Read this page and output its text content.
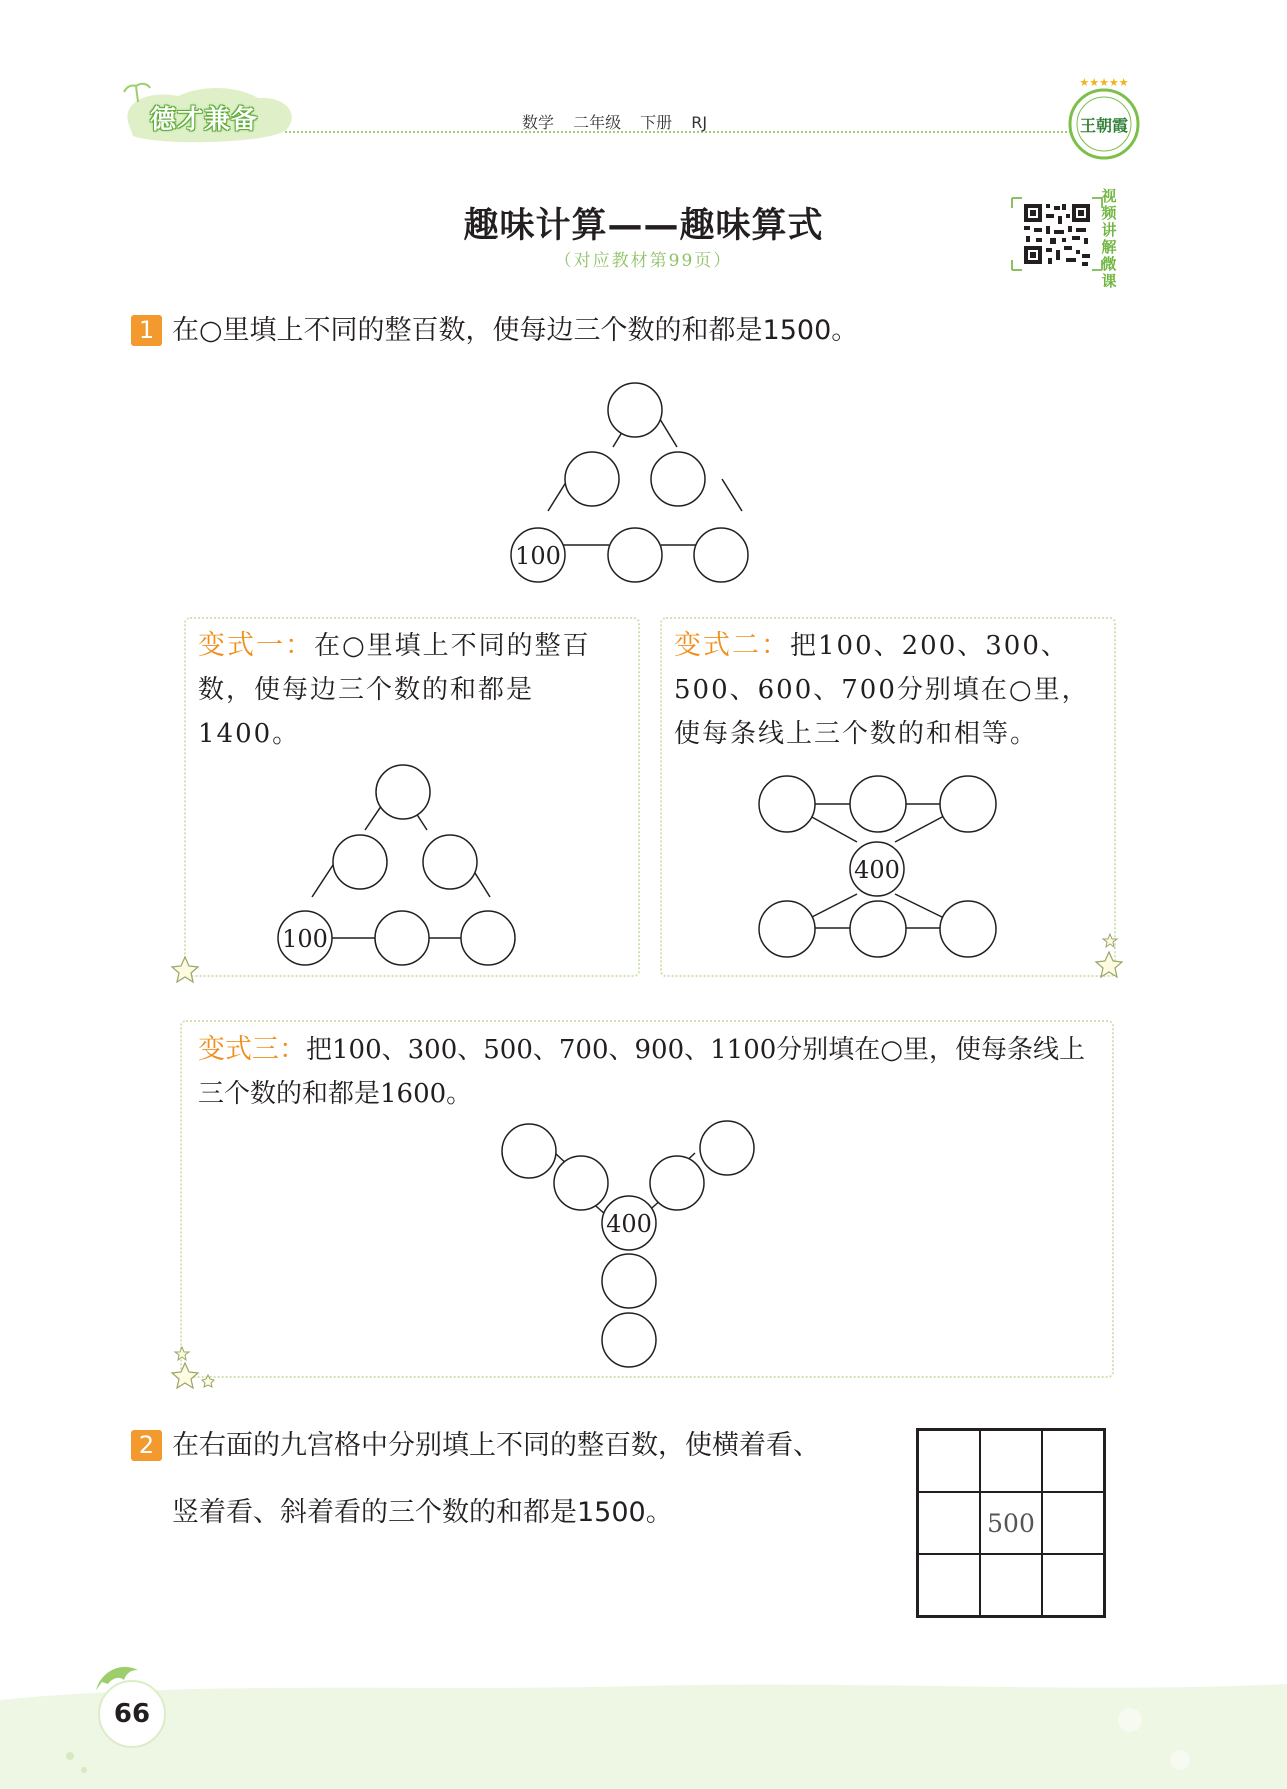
德才兼备	数学 二年级 下册 RJ
★★★★★
王朝霞
趣味计算——趣味算式
（对应教材第99页）
视频讲解微课
1 在○里填上不同的整百数，使每边三个数的和都是1500。
100
变式一：在○里填上不同的整百数，使每边三个数的和都是1400。
100
变式二：把100、200、300、500、600、700分别填在○里，使每条线上三个数的和相等。
400
变式三：把100、300、500、700、900、1100分别填在○里，使每条线上三个数的和都是1600。
400
2 在右面的九宫格中分别填上不同的整百数，使横着看、
竖着看、斜着看的三个数的和都是1500。	500
66
